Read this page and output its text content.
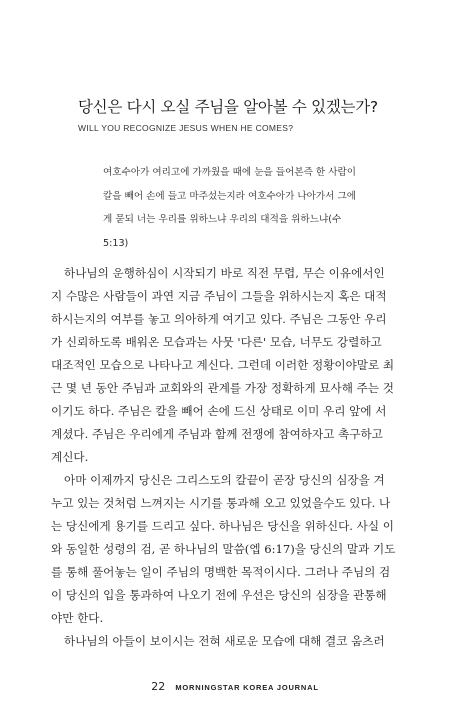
당신은 다시 오실 주님을 알아볼 수 있겠는가?
WILL YOU RECOGNIZE JESUS WHEN HE COMES?
여호수아가 여리고에 가까웠을 때에 눈을 들어본즉 한 사람이
칼을 빼어 손에 들고 마주섰는지라 여호수아가 나아가서 그에
게 묻되 너는 우리를 위하느냐 우리의 대적을 위하느냐(수
5:13)
하나님의 운행하심이 시작되기 바로 직전 무렵, 무슨 이유에서인
지 수많은 사람들이 과연 지금 주님이 그들을 위하시는지 혹은 대적
하시는지의 여부를 놓고 의아하게 여기고 있다. 주님은 그동안 우리
가 신뢰하도록 배워온 모습과는 사뭇 '다른' 모습, 너무도 강렬하고
대조적인 모습으로 나타나고 계신다. 그런데 이러한 정황이야말로 최
근 몇 년 동안 주님과 교회와의 관계를 가장 정확하게 묘사해 주는 것
이기도 하다. 주님은 칼을 빼어 손에 드신 상태로 이미 우리 앞에 서
계셨다. 주님은 우리에게 주님과 함께 전쟁에 참여하자고 촉구하고
계신다.
아마 이제까지 당신은 그리스도의 칼끝이 곧장 당신의 심장을 겨
누고 있는 것처럼 느껴지는 시기를 통과해 오고 있었을수도 있다. 나
는 당신에게 용기를 드리고 싶다. 하나님은 당신을 위하신다. 사실 이
와 동일한 성령의 검, 곧 하나님의 말씀(엡 6:17)을 당신의 말과 기도
를 통해 풀어놓는 일이 주님의 명백한 목적이시다. 그러나 주님의 검
이 당신의 입을 통과하여 나오기 전에 우선은 당신의 심장을 관통해
야만 한다.
하나님의 아들이 보이시는 전혀 새로운 모습에 대해 결코 움츠러
22 MORNINGSTAR KOREA JOURNAL
